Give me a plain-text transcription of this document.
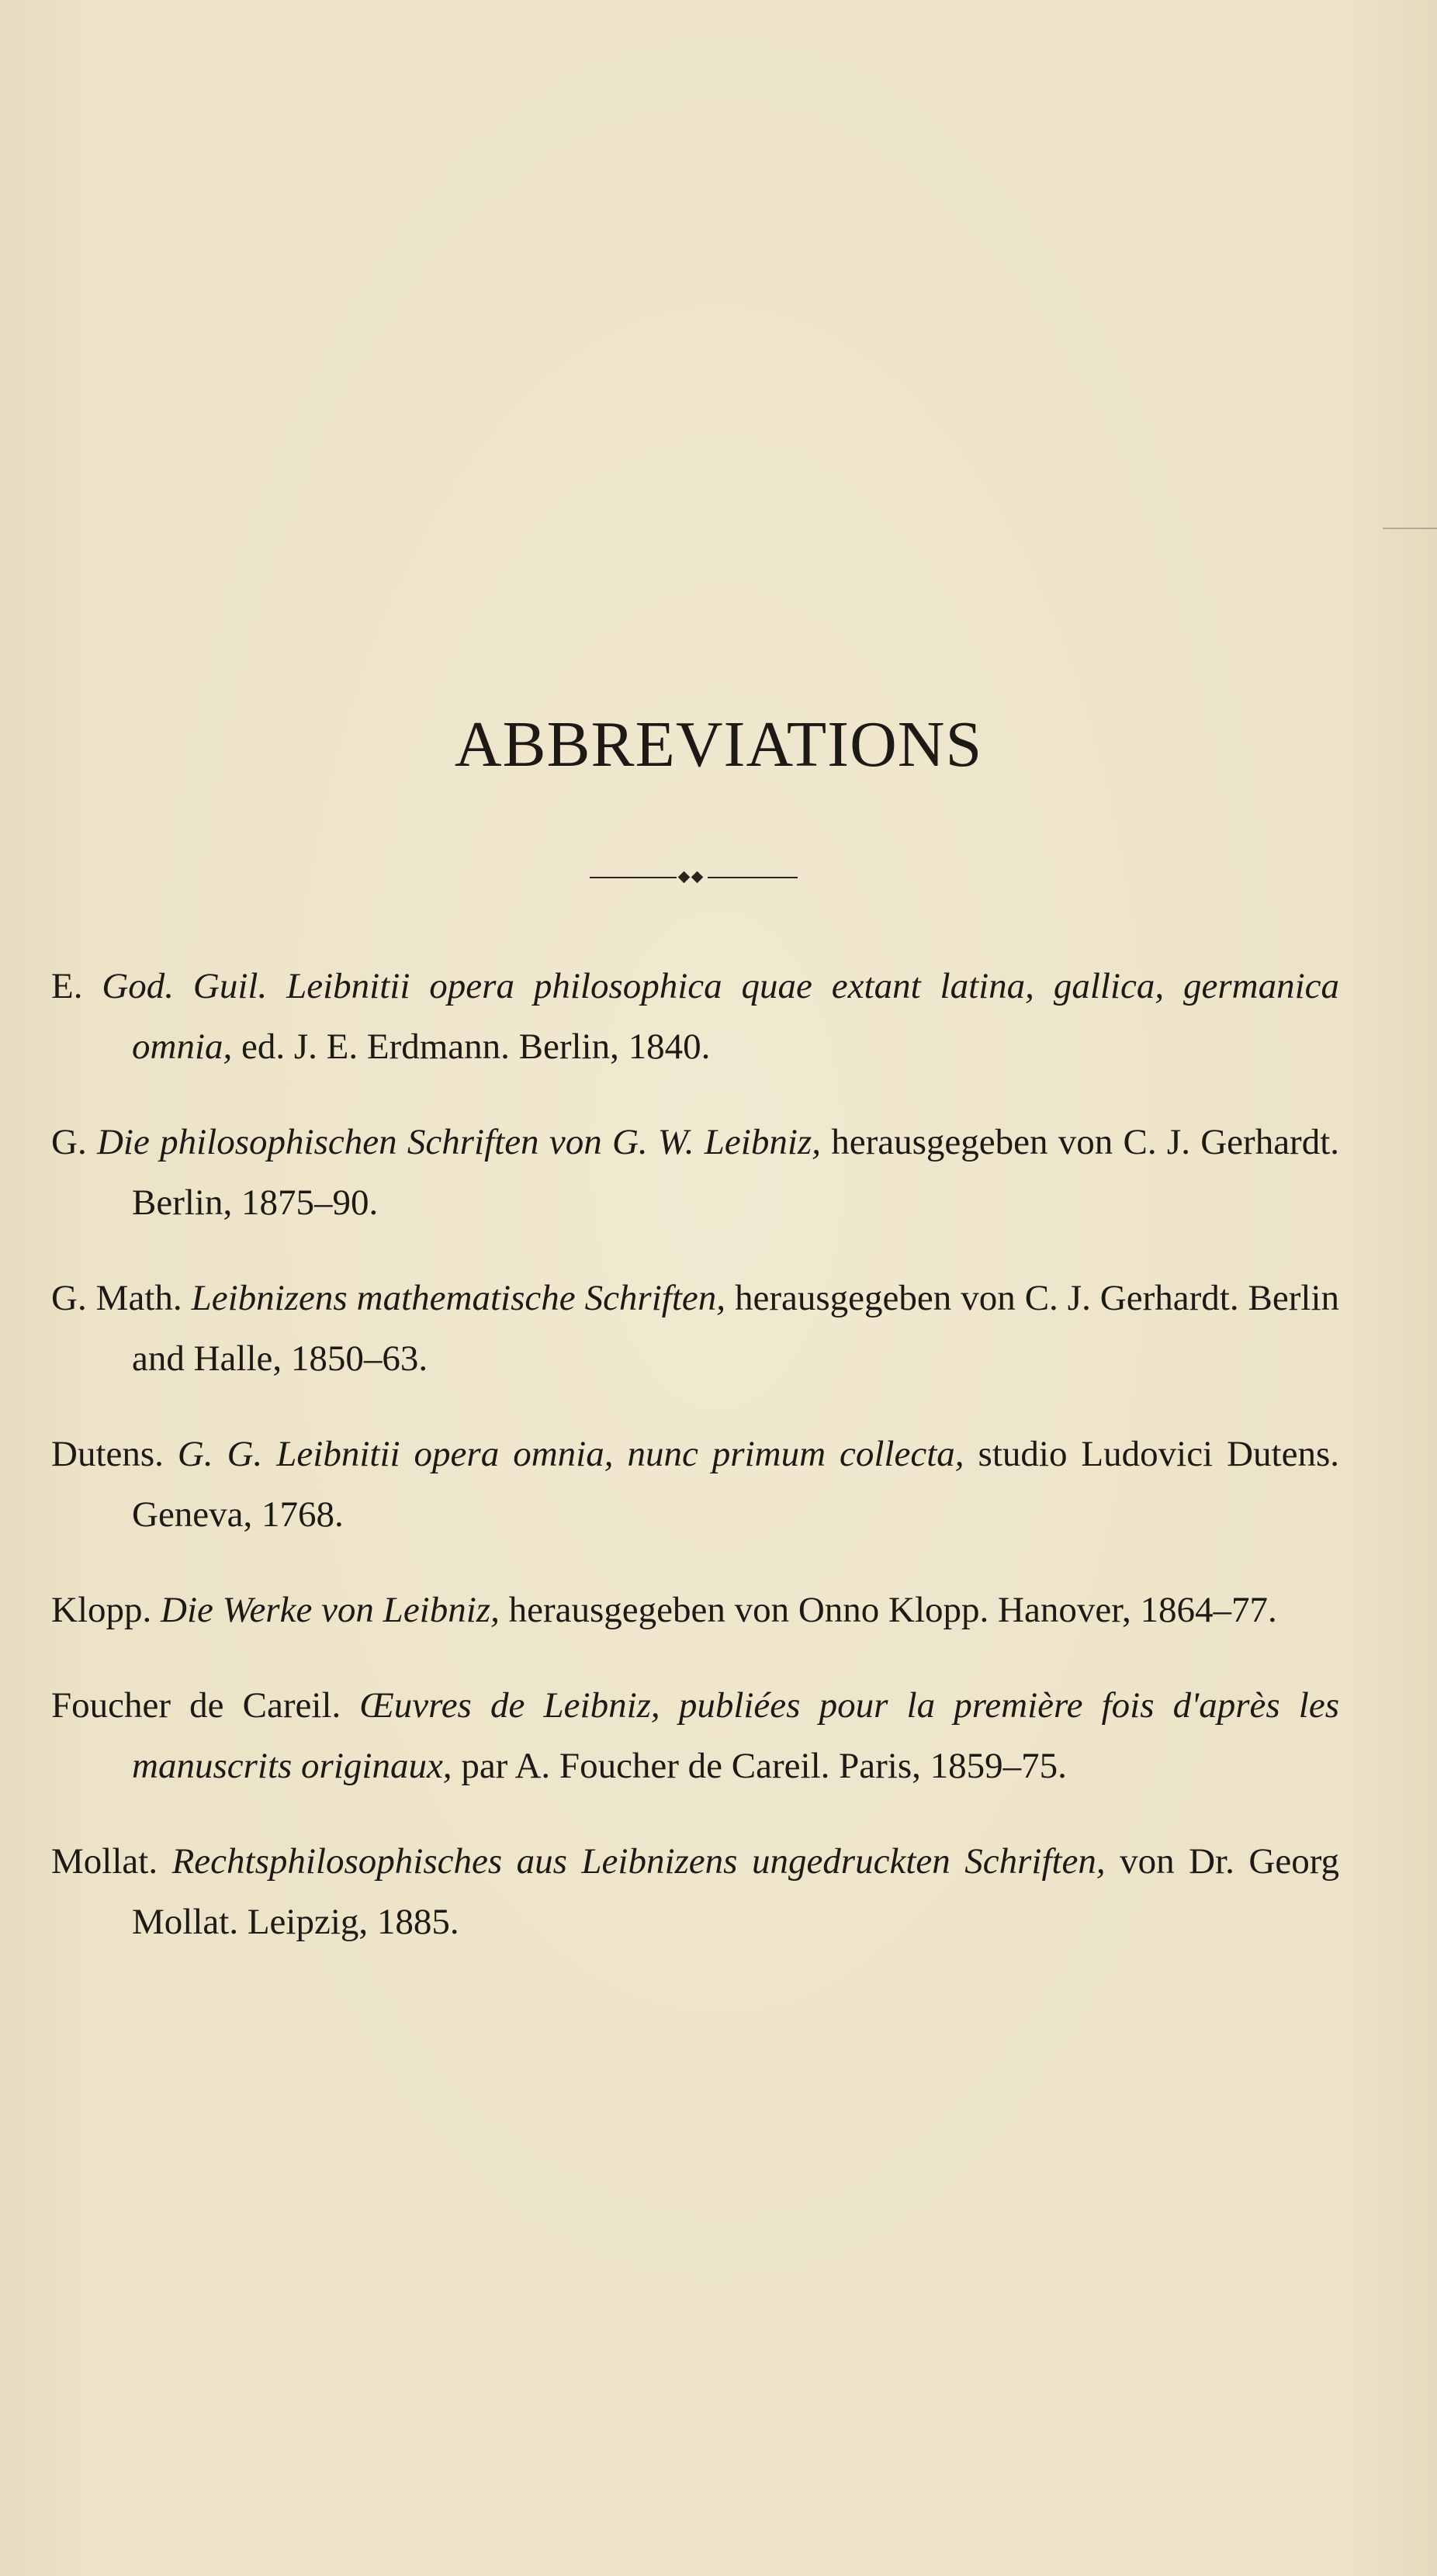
ABBREVIATIONS

E. God. Guil. Leibnitii opera philosophica quae extant latina, gallica, germanica omnia, ed. J. E. Erdmann. Berlin, 1840.

G. Die philosophischen Schriften von G. W. Leibniz, herausgegeben von C. J. Gerhardt. Berlin, 1875–90.

G. Math. Leibnizens mathematische Schriften, herausgegeben von C. J. Gerhardt. Berlin and Halle, 1850–63.

Dutens. G. G. Leibnitii opera omnia, nunc primum collecta, studio Ludovici Dutens. Geneva, 1768.

Klopp. Die Werke von Leibniz, herausgegeben von Onno Klopp. Hanover, 1864–77.

Foucher de Careil. Œuvres de Leibniz, publiées pour la première fois d'après les manuscrits originaux, par A. Foucher de Careil. Paris, 1859–75.

Mollat. Rechtsphilosophisches aus Leibnizens ungedruckten Schriften, von Dr. Georg Mollat. Leipzig, 1885.
